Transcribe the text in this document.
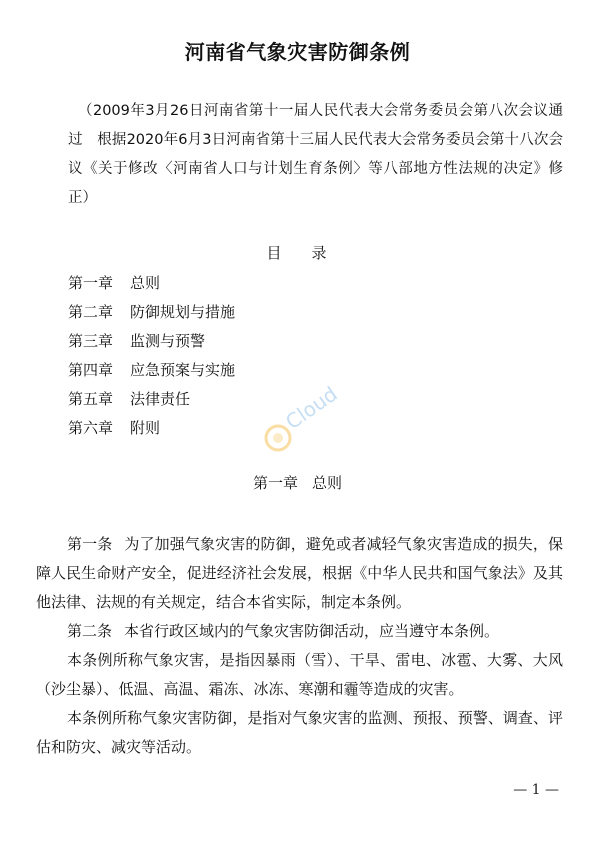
河南省气象灾害防御条例
（2009年3月26日河南省第十一届人民代表大会常务委员会第八次会议通过　根据2020年6月3日河南省第十三届人民代表大会常务委员会第十八次会议《关于修改〈河南省人口与计划生育条例〉等八部地方性法规的决定》修正）
目 录
第一章 总则
第二章 防御规划与措施
第三章 监测与预警
第四章 应急预案与实施
第五章 法律责任
第六章 附则	Cloud
第一章 总则

第一条 为了加强气象灾害的防御，避免或者减轻气象灾害造成的损失，保障人民生命财产安全，促进经济社会发展，根据《中华人民共和国气象法》及其他法律、法规的有关规定，结合本省实际，制定本条例。

第二条 本省行政区域内的气象灾害防御活动，应当遵守本条例。

本条例所称气象灾害，是指因暴雨（雪）、干旱、雷电、冰雹、大雾、大风（沙尘暴）、低温、高温、霜冻、冰冻、寒潮和霾等造成的灾害。

本条例所称气象灾害防御，是指对气象灾害的监测、预报、预警、调查、评估和防灾、减灾等活动。

— 1 —
